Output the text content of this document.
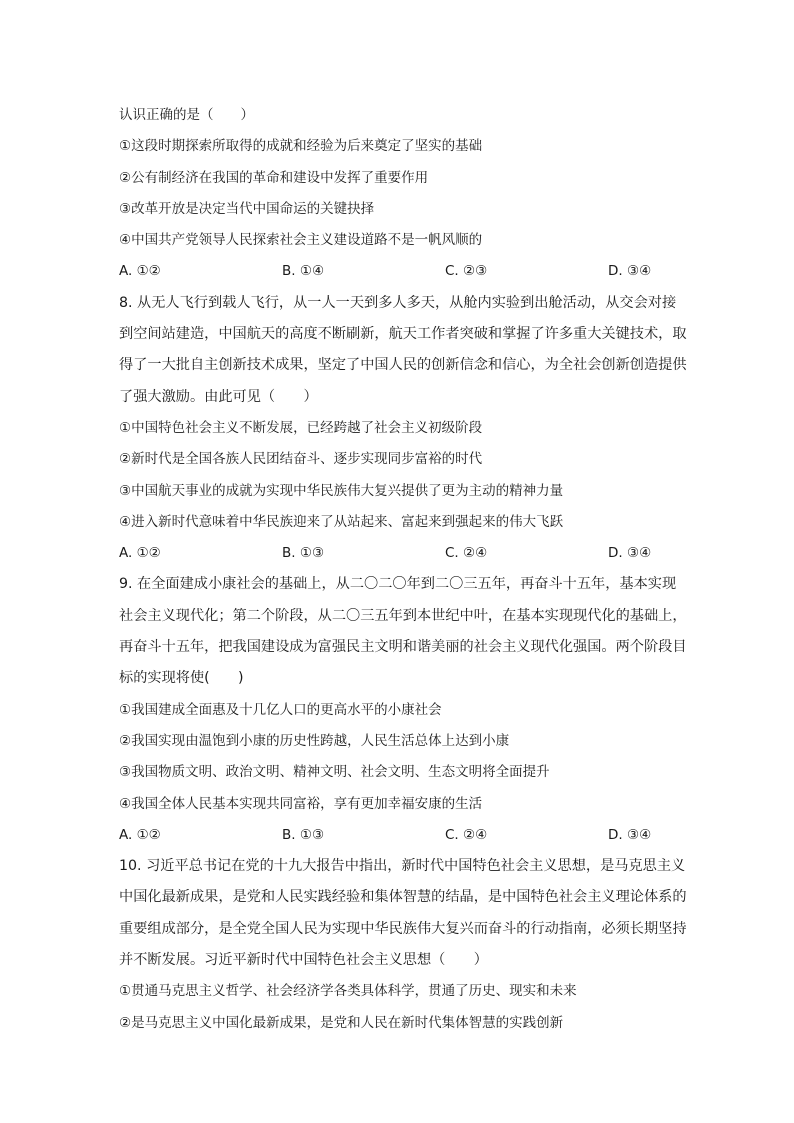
认识正确的是（　　）
①这段时期探索所取得的成就和经验为后来奠定了坚实的基础
②公有制经济在我国的革命和建设中发挥了重要作用
③改革开放是决定当代中国命运的关键抉择
④中国共产党领导人民探索社会主义建设道路不是一帆风顺的
A. ①②	B. ①④	C. ②③	D. ③④
8. 从无人飞行到载人飞行，从一人一天到多人多天，从舱内实验到出舱活动，从交会对接
到空间站建造，中国航天的高度不断刷新，航天工作者突破和掌握了许多重大关键技术，取
得了一大批自主创新技术成果，坚定了中国人民的创新信念和信心，为全社会创新创造提供
了强大激励。由此可见（　　）
①中国特色社会主义不断发展，已经跨越了社会主义初级阶段
②新时代是全国各族人民团结奋斗、逐步实现同步富裕的时代
③中国航天事业的成就为实现中华民族伟大复兴提供了更为主动的精神力量
④进入新时代意味着中华民族迎来了从站起来、富起来到强起来的伟大飞跃
A. ①②	B. ①③	C. ②④	D. ③④
9. 在全面建成小康社会的基础上，从二〇二〇年到二〇三五年，再奋斗十五年，基本实现
社会主义现代化；第二个阶段，从二〇三五年到本世纪中叶，在基本实现现代化的基础上，
再奋斗十五年，把我国建设成为富强民主文明和谐美丽的社会主义现代化强国。两个阶段目
标的实现将使(　　)
①我国建成全面惠及十几亿人口的更高水平的小康社会
②我国实现由温饱到小康的历史性跨越，人民生活总体上达到小康
③我国物质文明、政治文明、精神文明、社会文明、生态文明将全面提升
④我国全体人民基本实现共同富裕，享有更加幸福安康的生活
A. ①②	B. ①③	C. ②④	D. ③④
10. 习近平总书记在党的十九大报告中指出，新时代中国特色社会主义思想，是马克思主义
中国化最新成果，是党和人民实践经验和集体智慧的结晶，是中国特色社会主义理论体系的
重要组成部分，是全党全国人民为实现中华民族伟大复兴而奋斗的行动指南，必须长期坚持
并不断发展。习近平新时代中国特色社会主义思想（　　）
①贯通马克思主义哲学、社会经济学各类具体科学，贯通了历史、现实和未来
②是马克思主义中国化最新成果，是党和人民在新时代集体智慧的实践创新
